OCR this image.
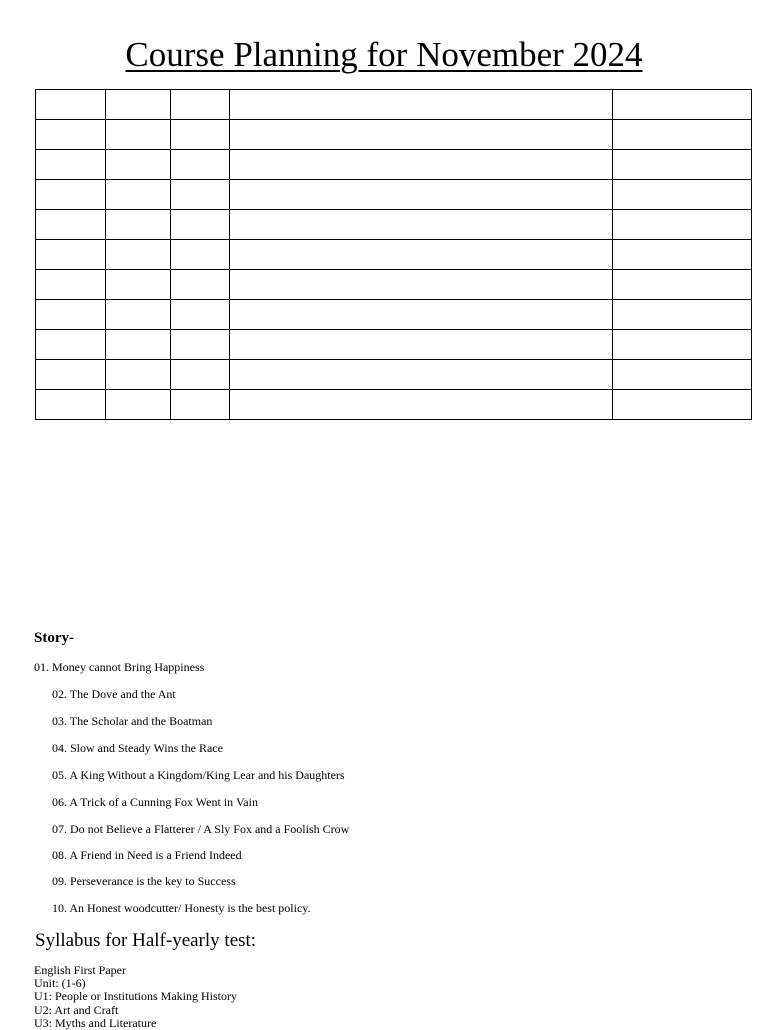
Course Planning for November 2024

Story-
01. Money cannot Bring Happiness
02. The Dove and the Ant
03. The Scholar and the Boatman
04. Slow and Steady Wins the Race
05. A King Without a Kingdom/King Lear and his Daughters
06. A Trick of a Cunning Fox Went in Vain
07. Do not Believe a Flatterer / A Sly Fox and a Foolish Crow
08. A Friend in Need is a Friend Indeed
09. Perseverance is the key to Success
10. An Honest woodcutter/ Honesty is the best policy.
Syllabus for Half-yearly test:
English First Paper
Unit: (1-6)
U1: People or Institutions Making History
U2: Art and Craft
U3: Myths and Literature
